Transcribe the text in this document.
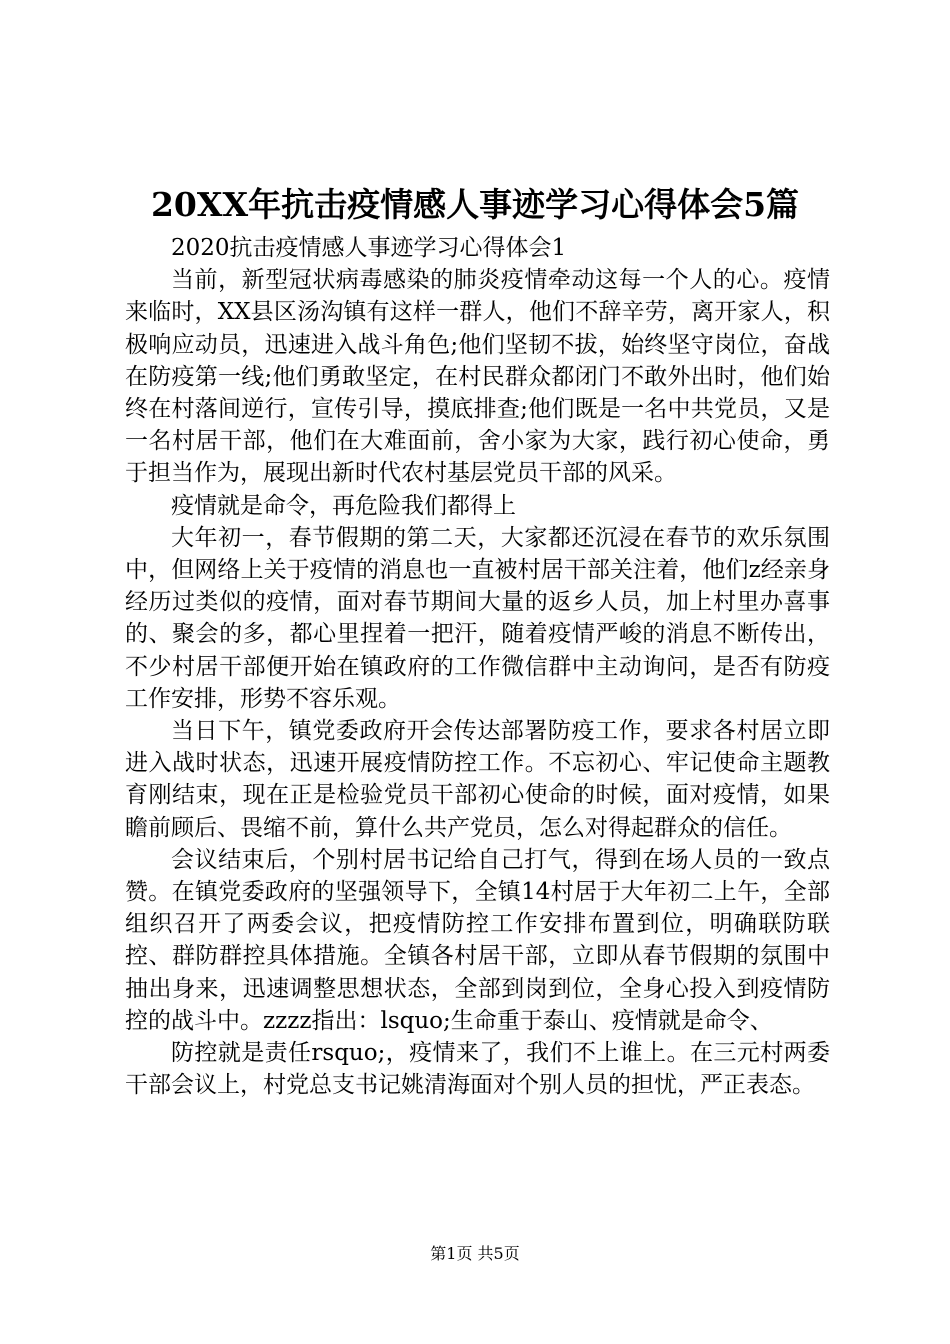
20XX年抗击疫情感人事迹学习心得体会5篇

2020抗击疫情感人事迹学习心得体会1

当前，新型冠状病毒感染的肺炎疫情牵动这每一个人的心。疫情来临时，XX县区汤沟镇有这样一群人，他们不辞辛劳，离开家人，积极响应动员，迅速进入战斗角色;他们坚韧不拔，始终坚守岗位，奋战在防疫第一线;他们勇敢坚定，在村民群众都闭门不敢外出时，他们始终在村落间逆行，宣传引导，摸底排查;他们既是一名中共党员，又是一名村居干部，他们在大难面前，舍小家为大家，践行初心使命，勇于担当作为，展现出新时代农村基层党员干部的风采。

疫情就是命令，再危险我们都得上

大年初一，春节假期的第二天，大家都还沉浸在春节的欢乐氛围中，但网络上关于疫情的消息也一直被村居干部关注着，他们z经亲身经历过类似的疫情，面对春节期间大量的返乡人员，加上村里办喜事的、聚会的多，都心里捏着一把汗，随着疫情严峻的消息不断传出，不少村居干部便开始在镇政府的工作微信群中主动询问，是否有防疫工作安排，形势不容乐观。

当日下午，镇党委政府开会传达部署防疫工作，要求各村居立即进入战时状态，迅速开展疫情防控工作。不忘初心、牢记使命主题教育刚结束，现在正是检验党员干部初心使命的时候，面对疫情，如果瞻前顾后、畏缩不前，算什么共产党员，怎么对得起群众的信任。

会议结束后，个别村居书记给自己打气，得到在场人员的一致点赞。在镇党委政府的坚强领导下，全镇14村居于大年初二上午，全部组织召开了两委会议，把疫情防控工作安排布置到位，明确联防联控、群防群控具体措施。全镇各村居干部，立即从春节假期的氛围中抽出身来，迅速调整思想状态，全部到岗到位，全身心投入到疫情防控的战斗中。zzzz指出：lsquo;生命重于泰山、疫情就是命令、

防控就是责任rsquo;，疫情来了，我们不上谁上。在三元村两委干部会议上，村党总支书记姚清海面对个别人员的担忧，严正表态。

第1页 共5页
